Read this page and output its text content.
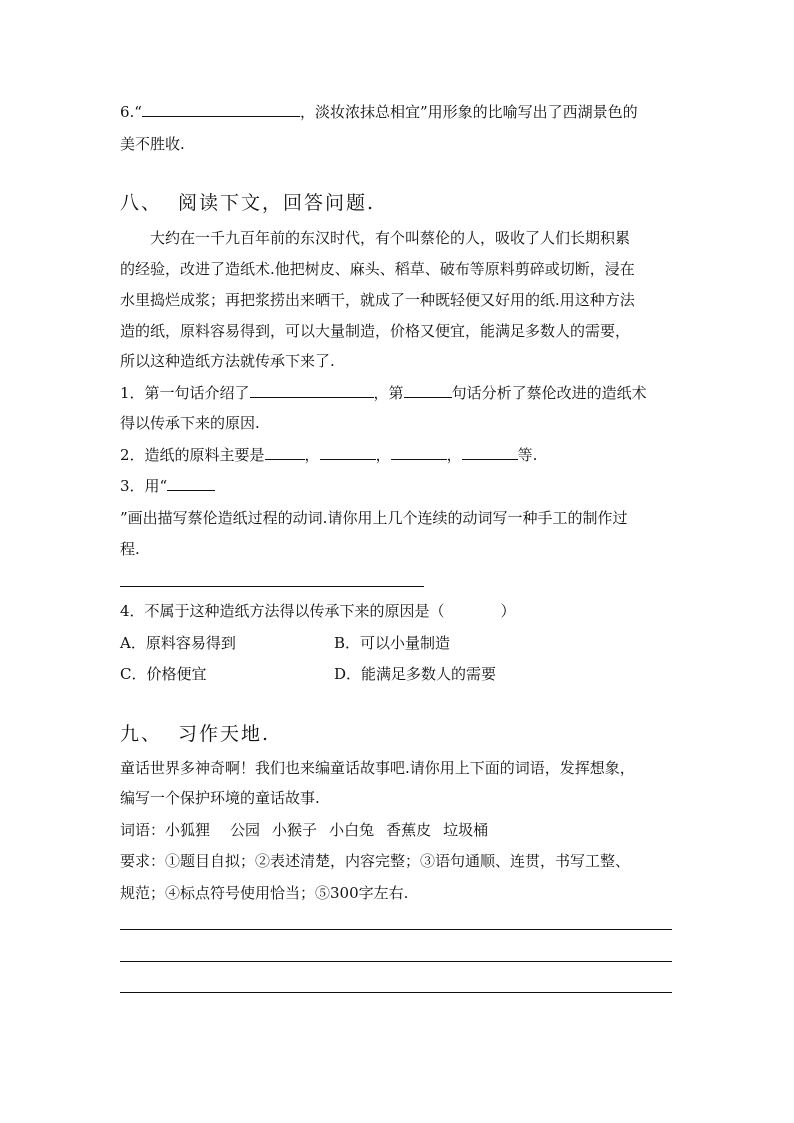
6.“	，淡妆浓抹总相宜”用形象的比喻写出了西湖景色的
美不胜收.
八、 阅读下文，回答问题.
大约在一千九百年前的东汉时代，有个叫蔡伦的人，吸收了人们长期积累
的经验，改进了造纸术.他把树皮、麻头、稻草、破布等原料剪碎或切断，浸在
水里捣烂成浆；再把浆捞出来晒干，就成了一种既轻便又好用的纸.用这种方法
造的纸，原料容易得到，可以大量制造，价格又便宜，能满足多数人的需要，
所以这种造纸方法就传承下来了.
1．第一句话介绍了	，第	句话分析了蔡伦改进的造纸术
得以传承下来的原因.
2．造纸的原料主要是	，	，	，	等.
3．用“
”画出描写蔡伦造纸过程的动词.请你用上几个连续的动词写一种手工的制作过
程.
4．不属于这种造纸方法得以传承下来的原因是（	）
A．原料容易得到	B．可以小量制造
C．价格便宜	D．能满足多数人的需要
九、 习作天地.
童话世界多神奇啊！我们也来编童话故事吧.请你用上下面的词语，发挥想象，
编写一个保护环境的童话故事.
词语：小狐狸 公园 小猴子 小白兔 香蕉皮 垃圾桶
要求：①题目自拟；②表述清楚，内容完整；③语句通顺、连贯，书写工整、
规范；④标点符号使用恰当；⑤300字左右.
